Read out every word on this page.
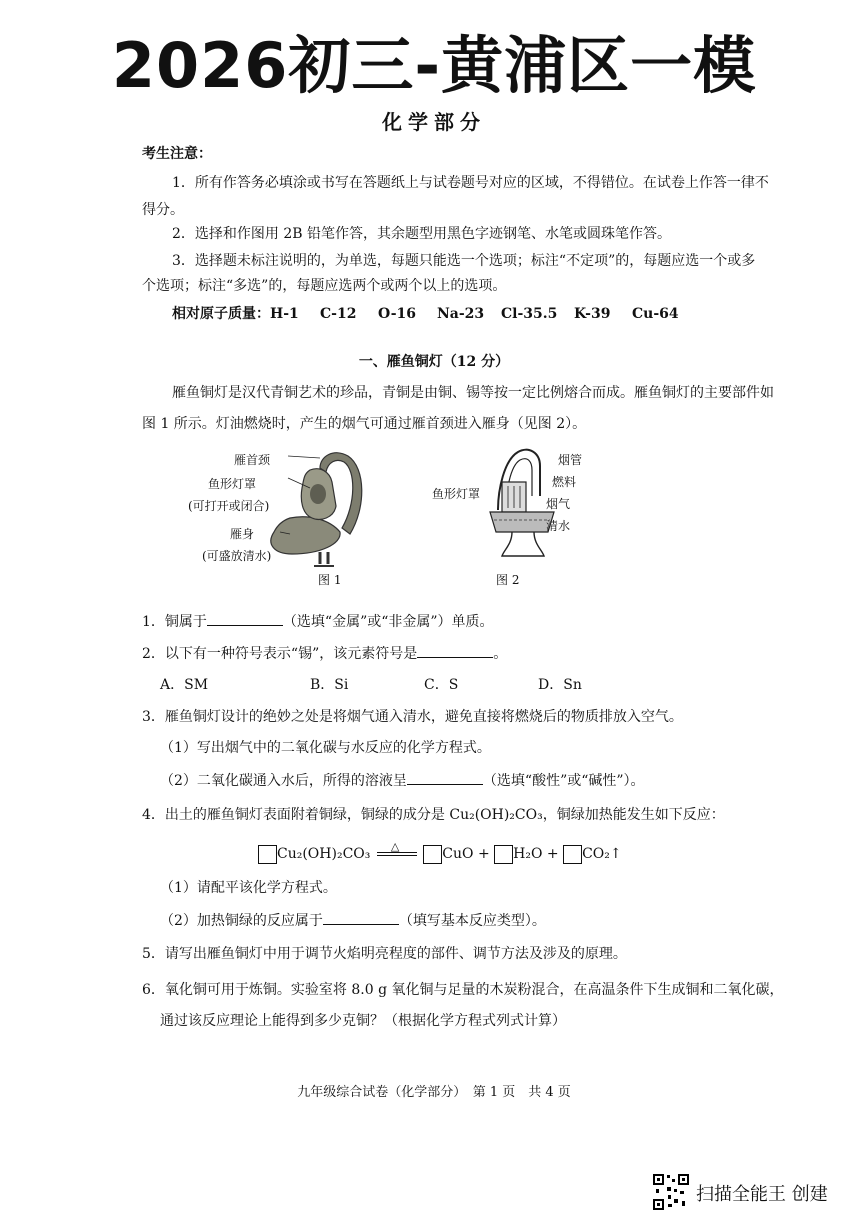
2026初三-黄浦区一模
化学部分
考生注意：
1．所有作答务必填涂或书写在答题纸上与试卷题号对应的区域，不得错位。在试卷上作答一律不
得分。
2．选择和作图用 2B 铅笔作答，其余题型用黑色字迹钢笔、水笔或圆珠笔作答。
3．选择题未标注说明的，为单选，每题只能选一个选项；标注“不定项”的，每题应选一个或多
个选项；标注“多选”的，每题应选两个或两个以上的选项。
相对原子质量： H-1 C-12 O-16 Na-23 Cl-35.5 K-39 Cu-64
一、雁鱼铜灯（12 分）
雁鱼铜灯是汉代青铜艺术的珍品，青铜是由铜、锡等按一定比例熔合而成。雁鱼铜灯的主要部件如
图 1 所示。灯油燃烧时，产生的烟气可通过雁首颈进入雁身（见图 2）。
雁首颈
鱼形灯罩
(可打开或闭合)
雁身
(可盛放清水)
图 1
烟管
燃料
鱼形灯罩
烟气
清水
图 2
1．铜属于	（选填“金属”或“非金属”）单质。
2．以下有一种符号表示“锡”，该元素符号是	。
A．SM	B．Si	C．S	D．Sn
3．雁鱼铜灯设计的绝妙之处是将烟气通入清水，避免直接将燃烧后的物质排放入空气。
（1）写出烟气中的二氧化碳与水反应的化学方程式。
（2）二氧化碳通入水后，所得的溶液呈	（选填“酸性”或“碱性”）。
4．出土的雁鱼铜灯表面附着铜绿，铜绿的成分是 Cu₂(OH)₂CO₃，铜绿加热能发生如下反应：
Cu₂(OH)₂CO₃ △	CuO + H₂O + CO₂↑
（1）请配平该化学方程式。
（2）加热铜绿的反应属于	（填写基本反应类型）。
5．请写出雁鱼铜灯中用于调节火焰明亮程度的部件、调节方法及涉及的原理。
6．氧化铜可用于炼铜。实验室将 8.0 g 氧化铜与足量的木炭粉混合，在高温条件下生成铜和二氧化碳，
通过该反应理论上能得到多少克铜？（根据化学方程式列式计算）
九年级综合试卷（化学部分）　第 1 页　共 4 页
扫描全能王 创建
